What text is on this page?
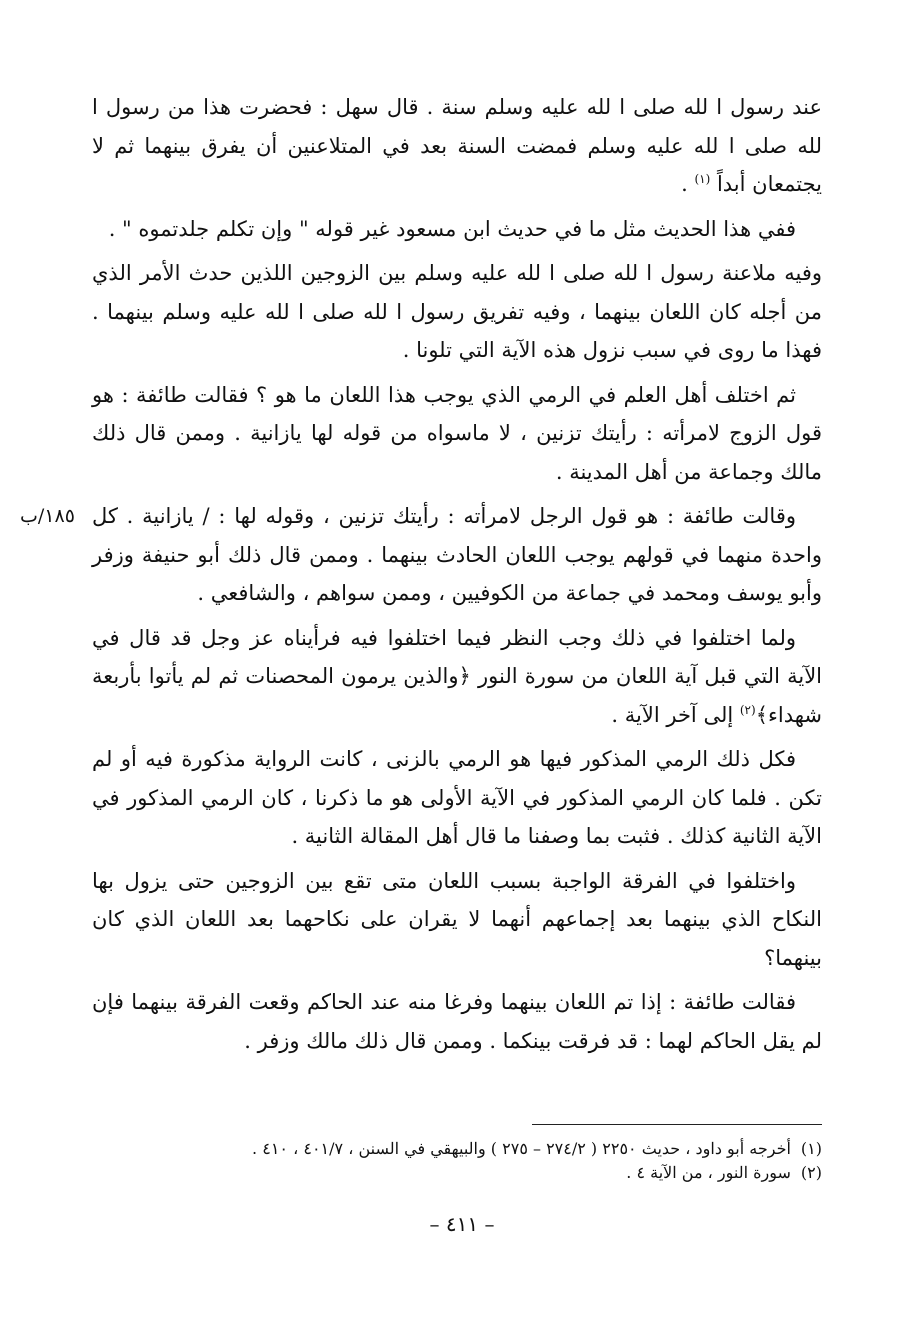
عند رسول ا لله صلى ا لله عليه وسلم سنة . قال سهل : فحضرت هذا من رسول ا لله صلى ا لله عليه وسلم فمضت السنة بعد في المتلاعنين أن يفرق بينهما ثم لا يجتمعان أبداً $^{(١)}$ .

ففي هذا الحديث مثل ما في حديث ابن مسعود غير قوله " وإن تكلم جلدتموه " .

وفيه ملاعنة رسول ا لله صلى ا لله عليه وسلم بين الزوجين اللذين حدث الأمر الذي من أجله كان اللعان بينهما ، وفيه تفريق رسول ا لله صلى ا لله عليه وسلم بينهما . فهذا ما روى في سبب نزول هذه الآية التي تلونا .

ثم اختلف أهل العلم في الرمي الذي يوجب هذا اللعان ما هو ؟ فقالت طائفة : هو قول الزوج لامرأته : رأيتك تزنين ، لا ماسواه من قوله لها يازانية . وممن قال ذلك مالك وجماعة من أهل المدينة .

١٨٥/ب وقالت طائفة : هو قول الرجل لامرأته : رأيتك تزنين ، وقوله لها : / يازانية . كل واحدة منهما في قولهم يوجب اللعان الحادث بينهما . وممن قال ذلك أبو حنيفة وزفر وأبو يوسف ومحمد في جماعة من الكوفيين ، وممن سواهم ، والشافعي .

ولما اختلفوا في ذلك وجب النظر فيما اختلفوا فيه فرأيناه عز وجل قد قال في الآية التي قبل آية اللعان من سورة النور ﴿والذين يرمون المحصنات ثم لم يأتوا بأربعة شهداء﴾$^{(٢)}$ إلى آخر الآية .

فكل ذلك الرمي المذكور فيها هو الرمي بالزنى ، كانت الرواية مذكورة فيه أو لم تكن . فلما كان الرمي المذكور في الآية الأولى هو ما ذكرنا ، كان الرمي المذكور في الآية الثانية كذلك . فثبت بما وصفنا ما قال أهل المقالة الثانية .

واختلفوا في الفرقة الواجبة بسبب اللعان متى تقع بين الزوجين حتى يزول بها النكاح الذي بينهما بعد إجماعهم أنهما لا يقران على نكاحهما بعد اللعان الذي كان بينهما؟

فقالت طائفة : إذا تم اللعان بينهما وفرغا منه عند الحاكم وقعت الفرقة بينهما فإن لم يقل الحاكم لهما : قد فرقت بينكما . وممن قال ذلك مالك وزفر .

(١)
أخرجه أبو داود ، حديث ٢٢٥٠ ( ٢٧٤/٢ – ٢٧٥ ) والبيهقي في السنن ، ٤٠١/٧ ، ٤١٠ .
(٢)
سورة النور ، من الآية ٤ .
– ٤١١ –
